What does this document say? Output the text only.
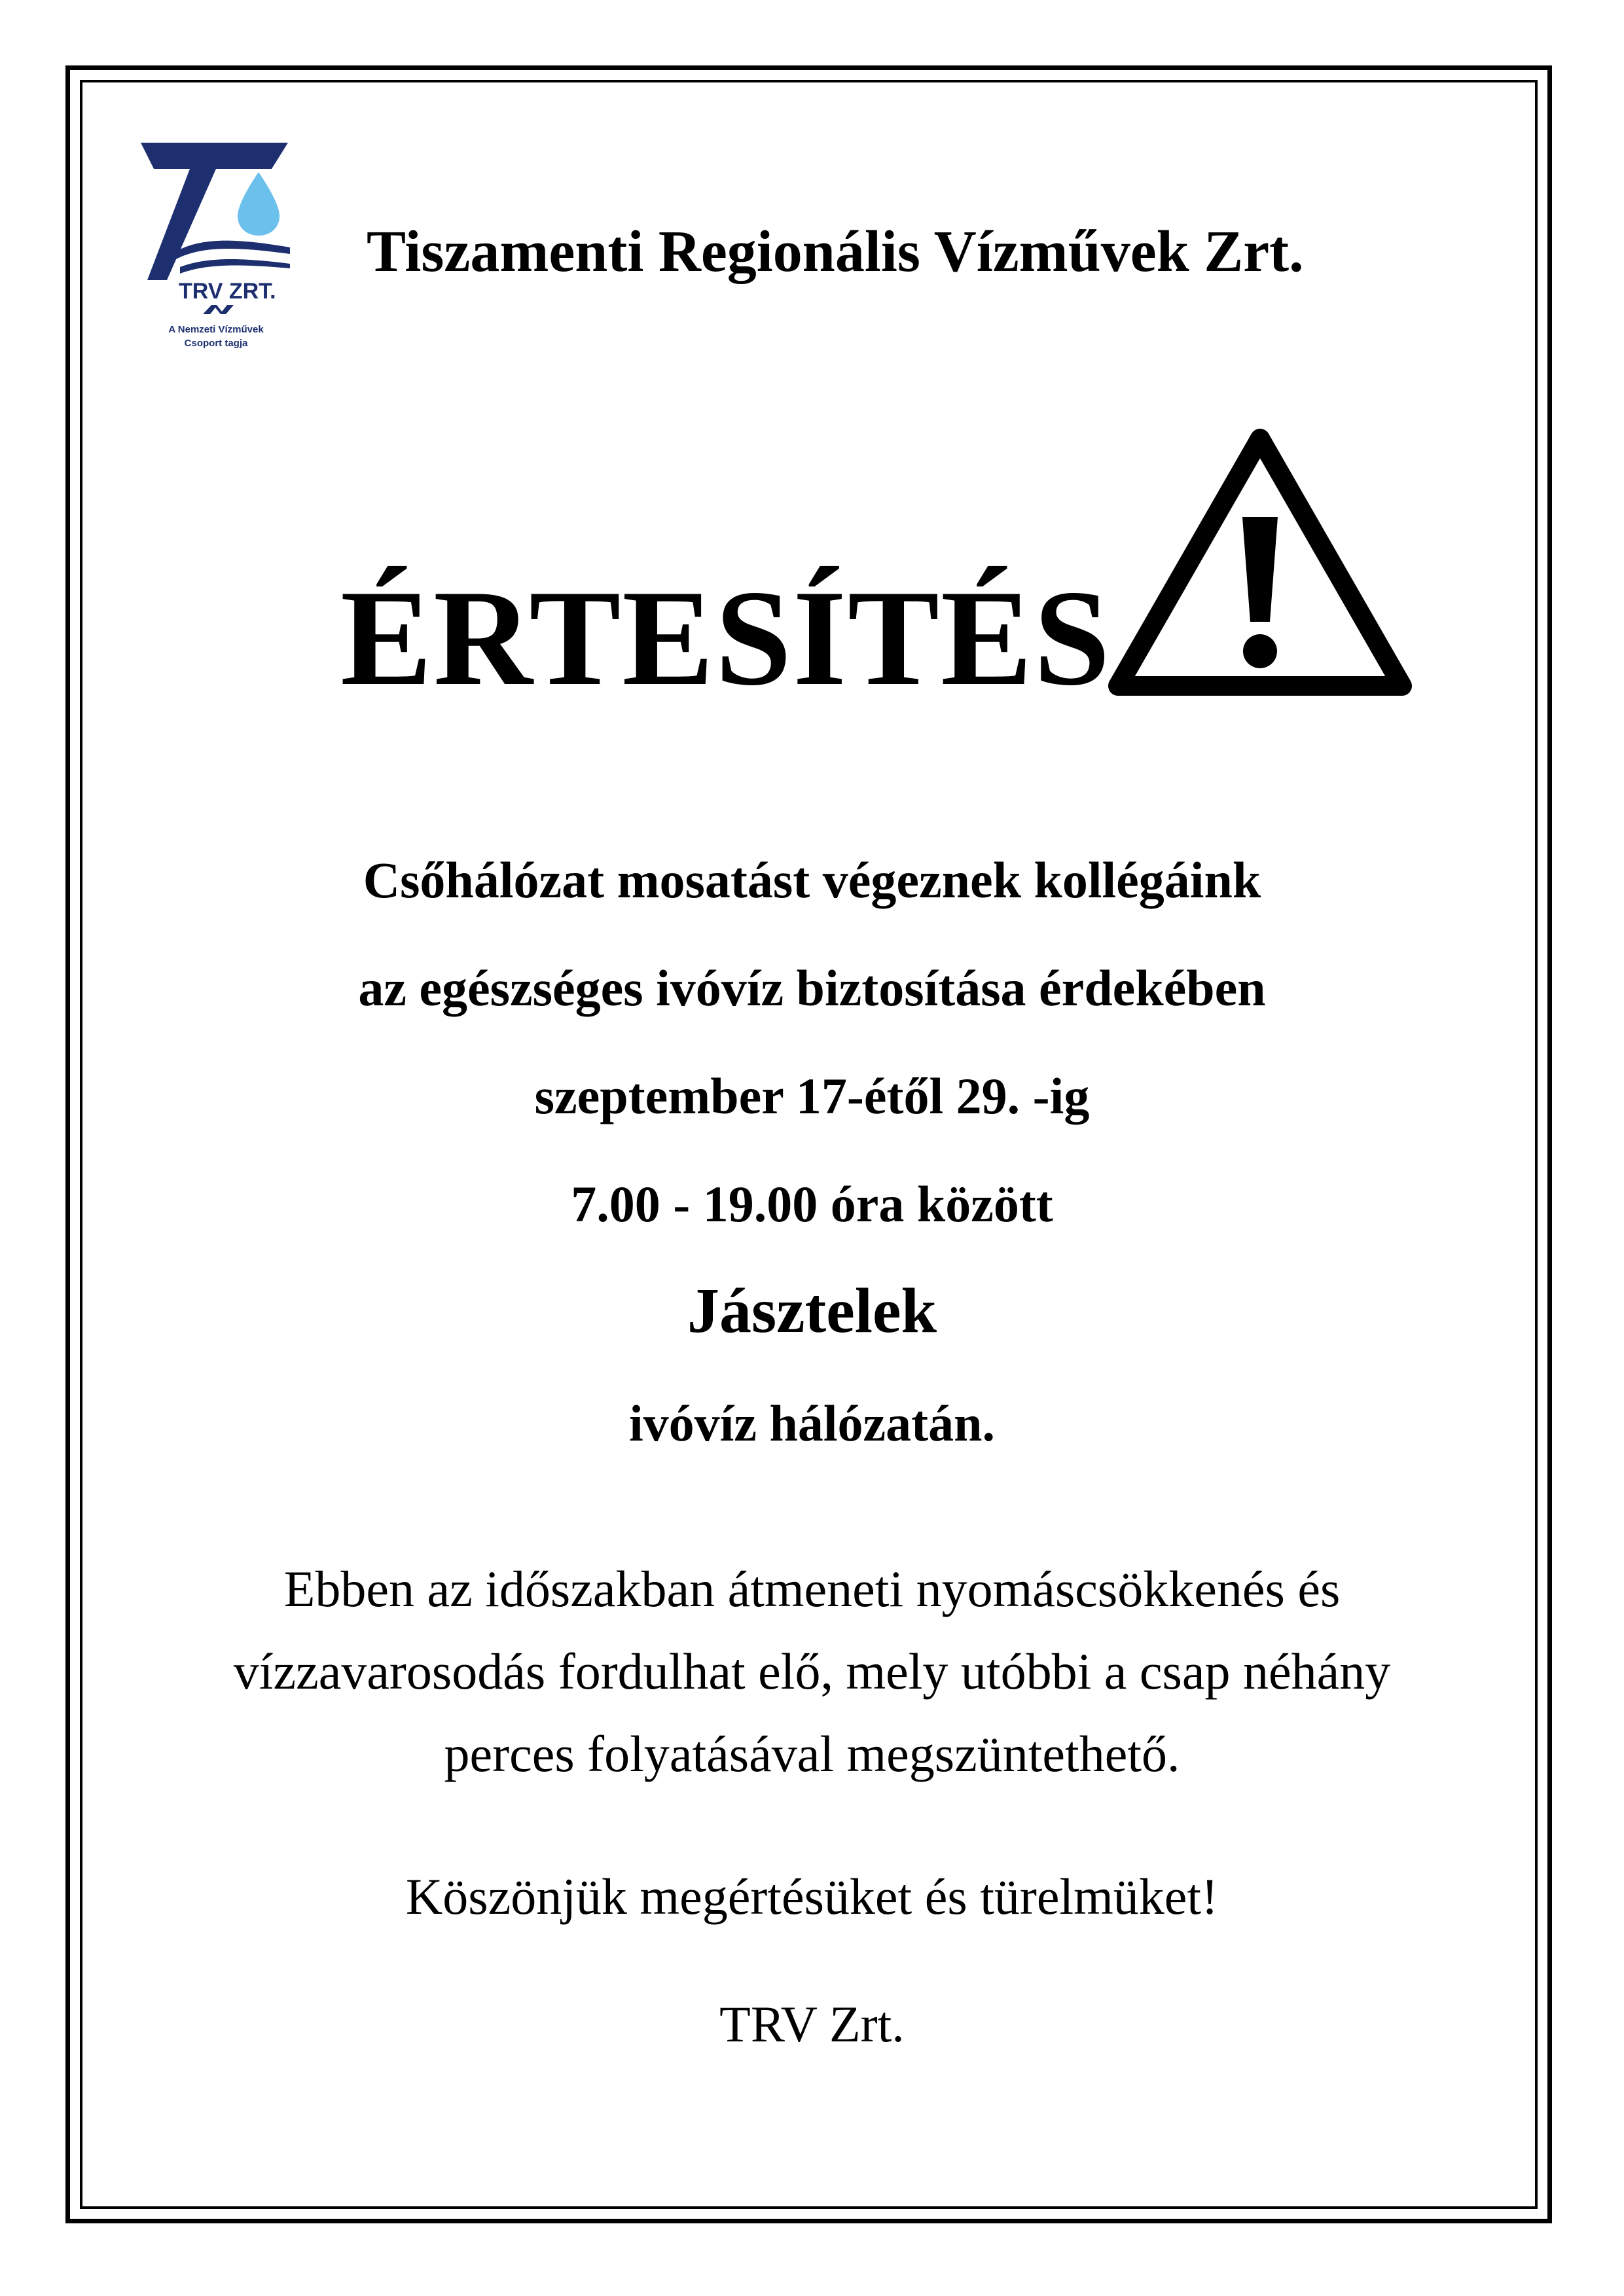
TRV ZRT.
A Nemzeti Vízművek
Csoport tagja
Tiszamenti Regionális Vízművek Zrt.
ÉRTESÍTÉS
Csőhálózat mosatást végeznek kollégáink
az egészséges ivóvíz biztosítása érdekében
szeptember 17-étől 29. -ig
7.00 - 19.00 óra között
Jásztelek
ivóvíz hálózatán.
Ebben az időszakban átmeneti nyomáscsökkenés és
vízzavarosodás fordulhat elő, mely utóbbi a csap néhány
perces folyatásával megszüntethető.
Köszönjük megértésüket és türelmüket!
TRV Zrt.
